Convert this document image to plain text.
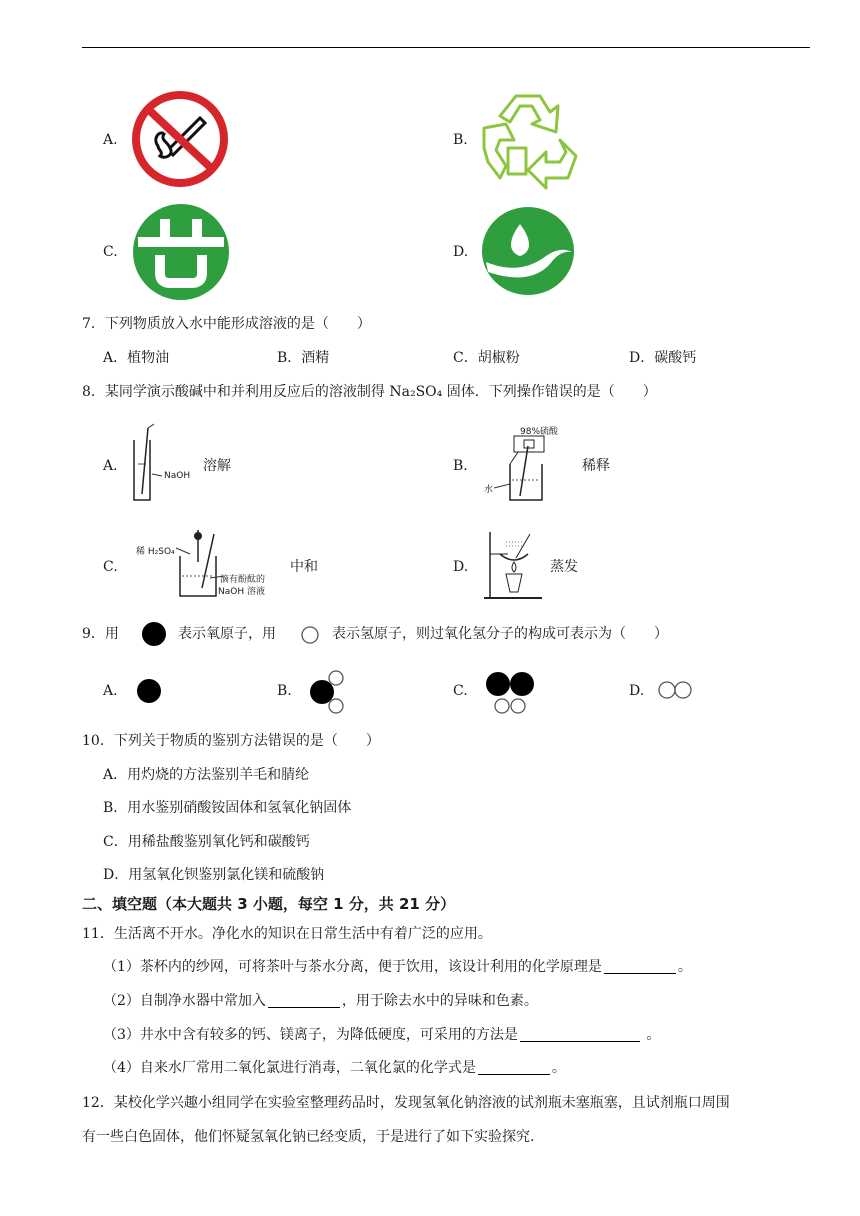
A.	B.
C.	D.
7．下列物质放入水中能形成溶液的是（　　）
A．植物油	B．酒精	C．胡椒粉	D．碳酸钙
8．某同学演示酸碱中和并利用反应后的溶液制得 Na₂SO₄ 固体．下列操作错误的是（　　）
A.
NaOH
溶解	B.
98%硫酸
水
稀释
C.
稀 H₂SO₄
滴有酚酞的
NaOH 溶液
中和	D.	蒸发
9．用	表示氧原子，用	表示氢原子，则过氧化氢分子的构成可表示为（　　）
A.	B.	C.	D.
10．下列关于物质的鉴别方法错误的是（　　）
A．用灼烧的方法鉴别羊毛和腈纶
B．用水鉴别硝酸铵固体和氢氧化钠固体
C．用稀盐酸鉴别氧化钙和碳酸钙
D．用氢氧化钡鉴别氯化镁和硫酸钠
二、填空题（本大题共 3 小题，每空 1 分，共 21 分）
11．生活离不开水。净化水的知识在日常生活中有着广泛的应用。
（1）茶杯内的纱网，可将茶叶与茶水分离，便于饮用，该设计利用的化学原理是	。
（2）自制净水器中常加入	，用于除去水中的异味和色素。
（3）井水中含有较多的钙、镁离子，为降低硬度，可采用的方法是	。
（4）自来水厂常用二氧化氯进行消毒，二氧化氯的化学式是	。
12．某校化学兴趣小组同学在实验室整理药品时，发现氢氧化钠溶液的试剂瓶未塞瓶塞，且试剂瓶口周围
有一些白色固体，他们怀疑氢氧化钠已经变质，于是进行了如下实验探究.
